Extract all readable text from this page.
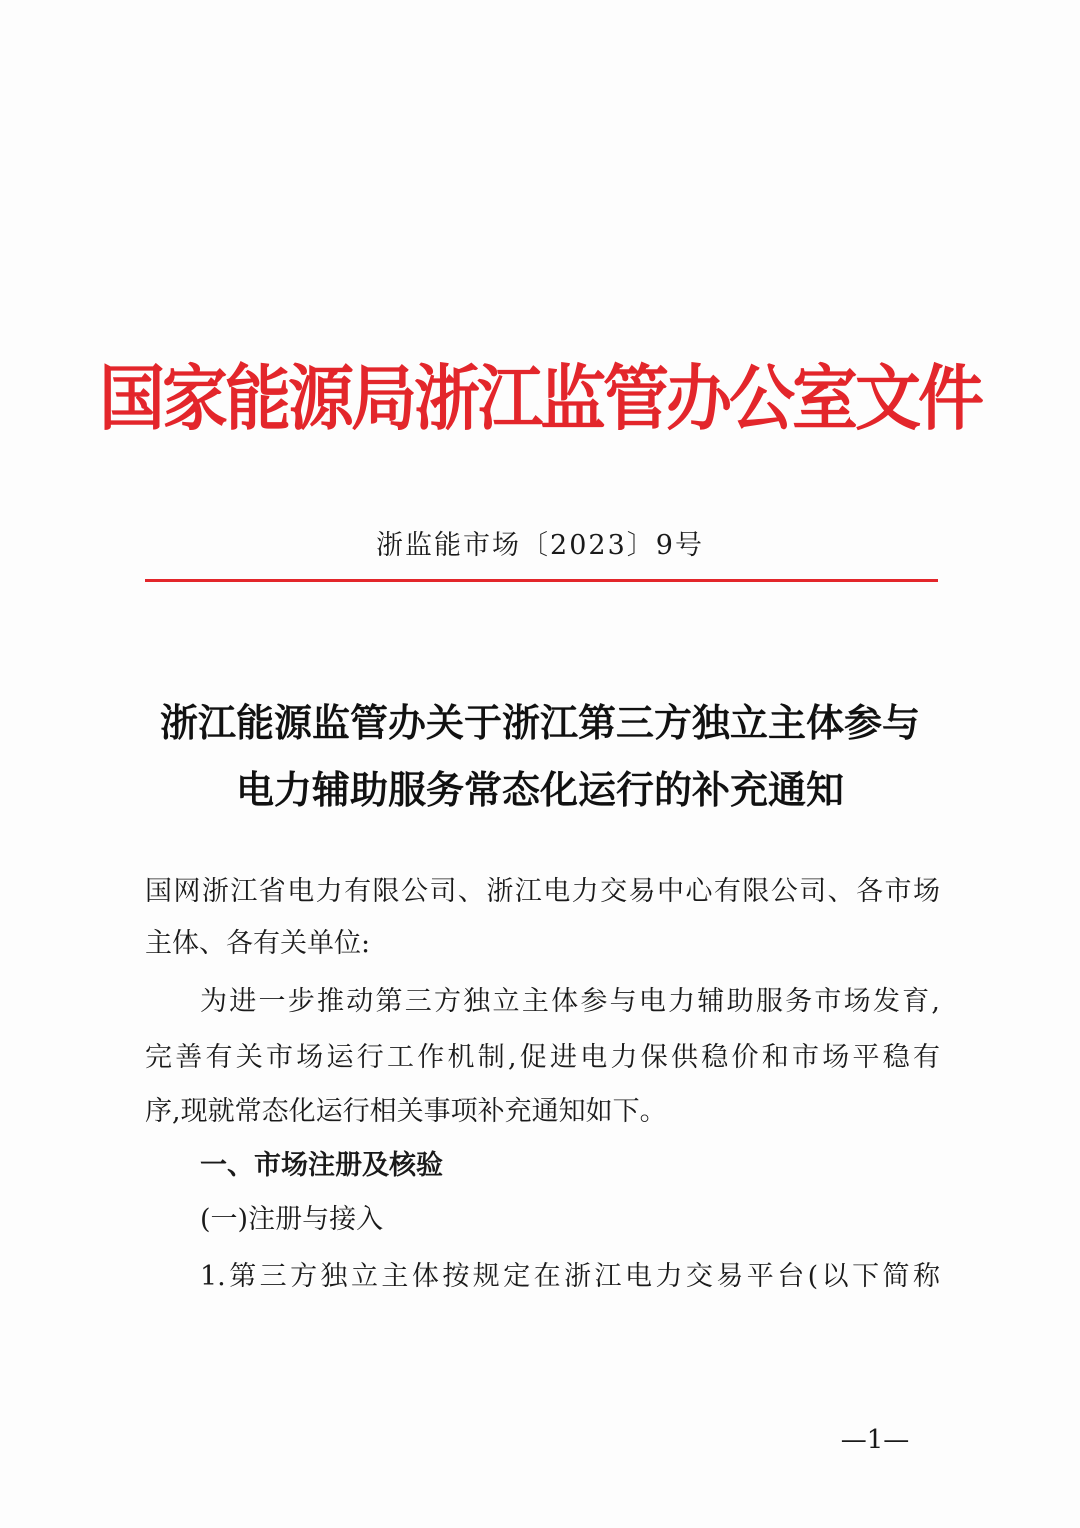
国家能源局浙江监管办公室文件
浙监能市场〔2023〕9号
浙江能源监管办关于浙江第三方独立主体参与
电力辅助服务常态化运行的补充通知
国网浙江省电力有限公司、浙江电力交易中心有限公司、各市场
主体、各有关单位:
为进一步推动第三方独立主体参与电力辅助服务市场发育,
完善有关市场运行工作机制,促进电力保供稳价和市场平稳有
序,现就常态化运行相关事项补充通知如下。
一、市场注册及核验
(一)注册与接入
1.第三方独立主体按规定在浙江电力交易平台(以下简称
—1—
